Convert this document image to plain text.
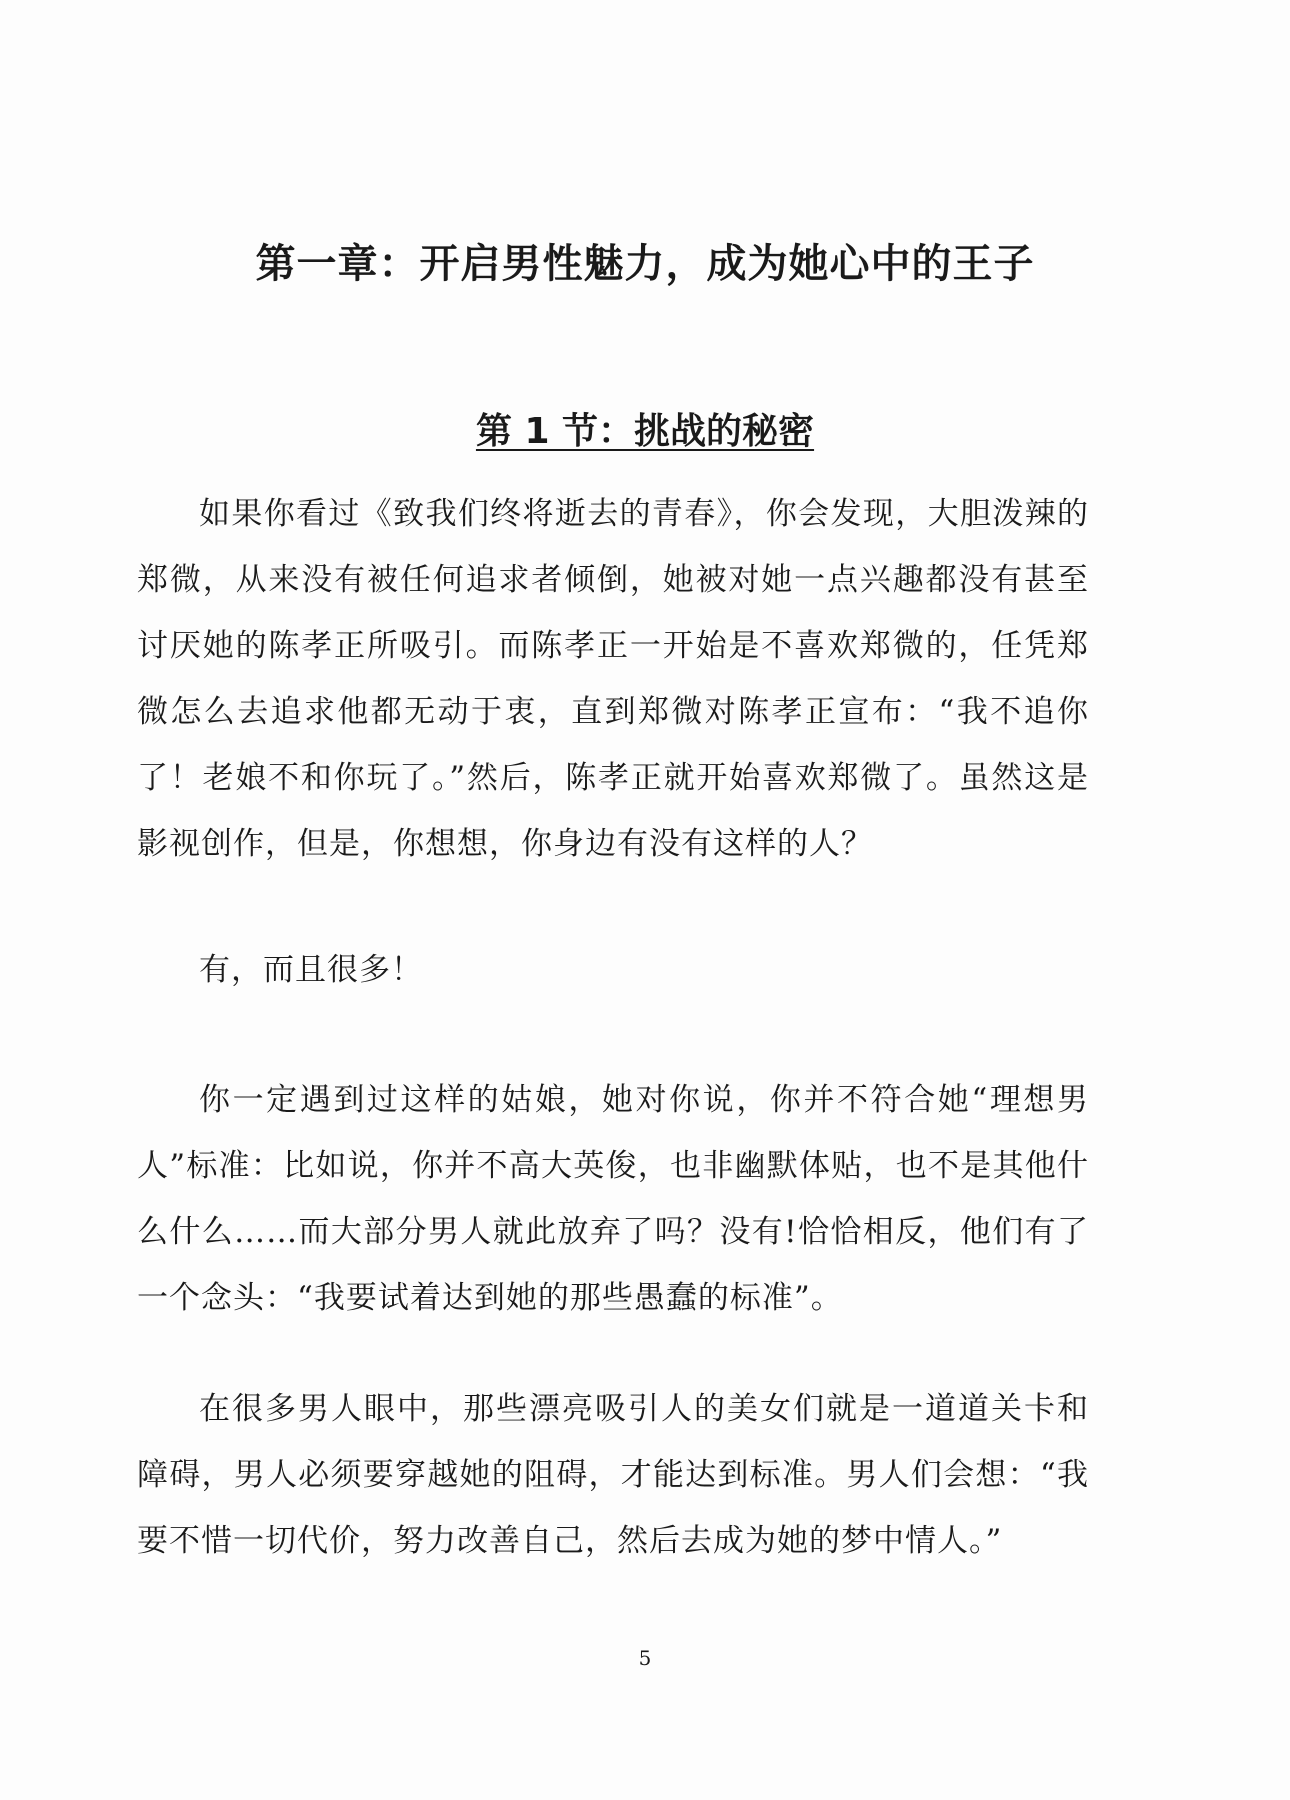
第一章：开启男性魅力，成为她心中的王子
第 1 节：挑战的秘密

如果你看过《致我们终将逝去的青春》，你会发现，大胆泼辣的郑微，从来没有被任何追求者倾倒，她被对她一点兴趣都没有甚至讨厌她的陈孝正所吸引。而陈孝正一开始是不喜欢郑微的，任凭郑微怎么去追求他都无动于衷，直到郑微对陈孝正宣布：“我不追你了！老娘不和你玩了。”然后，陈孝正就开始喜欢郑微了。虽然这是影视创作，但是，你想想，你身边有没有这样的人？

有，而且很多！

你一定遇到过这样的姑娘，她对你说，你并不符合她“理想男人”标准：比如说，你并不高大英俊，也非幽默体贴，也不是其他什么什么……而大部分男人就此放弃了吗？没有!恰恰相反，他们有了一个念头：“我要试着达到她的那些愚蠢的标准”。

在很多男人眼中，那些漂亮吸引人的美女们就是一道道关卡和障碍，男人必须要穿越她的阻碍，才能达到标准。男人们会想：“我要不惜一切代价，努力改善自己，然后去成为她的梦中情人。”

5
